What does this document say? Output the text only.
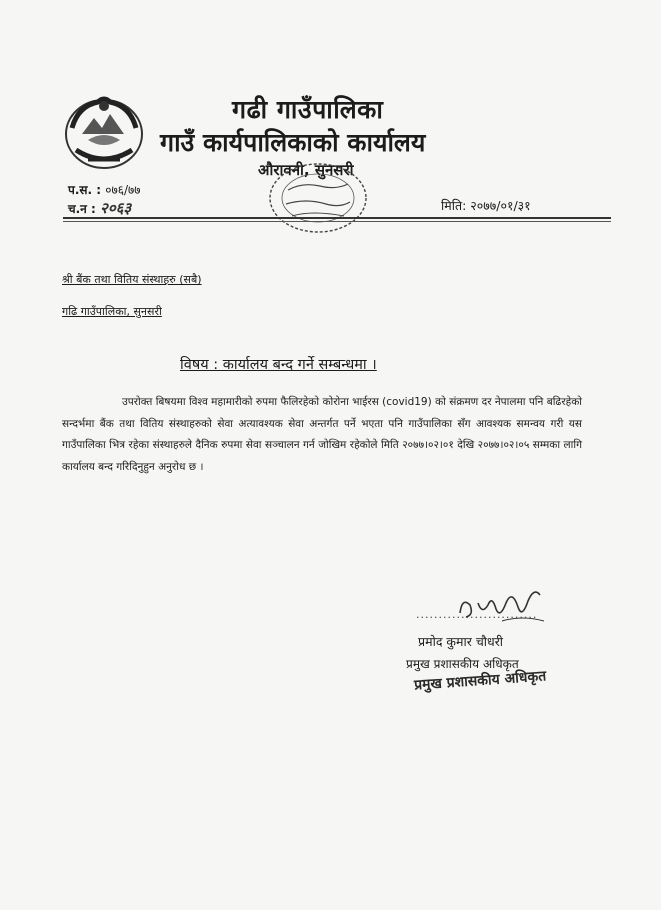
गढी गाउँपालिका
गाउँ कार्यपालिकाको कार्यालय
औरावनी, सुनसरी
प.स. : ०७६/७७
च.न : २०६३	मिति: २०७७/०१/३१
श्री बैंक तथा वितिय संस्थाहरु (सबै)
गढि गाउँपालिका, सुनसरी
विषय : कार्यालय बन्द गर्ने सम्बन्धमा ।
उपरोक्त बिषयमा विश्व महामारीको रुपमा फैलिरहेको कोरोना भाईरस (covid19) को संक्रमण दर नेपालमा पनि बढिरहेको सन्दर्भमा बैंक तथा वितिय संस्थाहरुको सेवा अत्यावश्यक सेवा अन्तर्गत पर्ने भएता पनि गाउँपालिका सँग आवश्यक समन्वय गरी यस गाउँपालिका भित्र रहेका संस्थाहरुले दैनिक रुपमा सेवा सञ्चालन गर्न जोखिम रहेकोले मिति २०७७।०२।०१ देखि २०७७।०२।०५ सम्मका लागि कार्यालय बन्द गरिदिनुहुन अनुरोध छ ।
...........................
प्रमोद कुमार चौधरी
प्रमुख प्रशासकीय अधिकृत
प्रमुख प्रशासकीय अधिकृत
